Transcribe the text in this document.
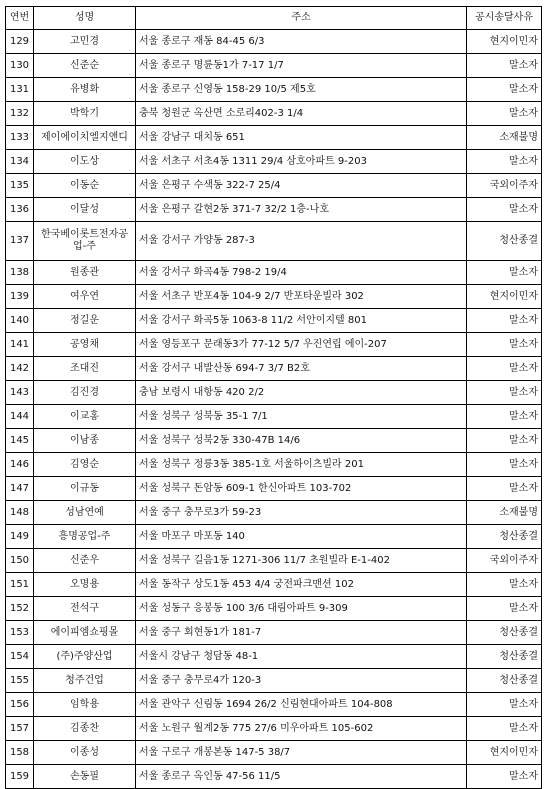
연번	성명	주소	공시송달사유
129	고민경	서울 종로구 재동 84-45 6/3	현지이민자
130	신준순	서울 종로구 명륜동1가 7-17 1/7	말소자
131	유병화	서울 종로구 신영동 158-29 10/5 제5호	말소자
132	박학기	충북 청원군 옥산면 소로리402-3 1/4	말소자
133	제이에이치엘지앤디	서울 강남구 대치동 651	소재불명
134	이도상	서울 서초구 서초4동 1311 29/4 삼호아파트 9-203	말소자
135	이동순	서울 은평구 수색동 322-7 25/4	국외이주자
136	이달성	서울 은평구 갈현2동 371-7 32/2 1층-나호	말소자
137	한국베이롯트전자공업-주	서울 강서구 가양동 287-3	청산종결
138	원종관	서울 강서구 화곡4동 798-2 19/4	말소자
139	여우연	서울 서초구 반포4동 104-9 2/7 반포타운빌라 302	현지이민자
140	정길운	서울 강서구 화곡5동 1063-8 11/2 서안이지텔 801	말소자
141	공영채	서울 영등포구 문래동3가 77-12 5/7 우진연립 에이-207	말소자
142	조대진	서울 강서구 내발산동 694-7 3/7 B2호	말소자
143	김진경	충남 보령시 내항동 420 2/2	말소자
144	이교홍	서울 성북구 성북동 35-1 7/1	말소자
145	이남종	서울 성북구 성북2동 330-47B 14/6	말소자
146	김영순	서울 성북구 정릉3동 385-1호 서울하이츠빌라 201	말소자
147	이규동	서울 성북구 돈암동 609-1 한신아파트 103-702	말소자
148	성남연예	서울 중구 충무로3가 59-23	소재불명
149	흥명공업-주	서울 마포구 마포동 140	청산종결
150	신준우	서울 성북구 길음1동 1271-306 11/7 초원빌라 E-1-402	국외이주자
151	오명용	서울 동작구 상도1동 453 4/4 궁전파크맨션 102	말소자
152	전석구	서울 성동구 응봉동 100 3/6 대림아파트 9-309	말소자
153	에이피엠쇼핑몰	서울 중구 회현동1가 181-7	청산종결
154	(주)주양산업	서울시 강남구 청담동 48-1	청산종결
155	청주건업	서울 중구 충무로4가 120-3	청산종결
156	임학용	서울 관악구 신림동 1694 26/2 신림현대아파트 104-808	말소자
157	김종찬	서울 노원구 월계2동 775 27/6 미우아파트 105-602	말소자
158	이종성	서울 구로구 개봉본동 147-5 38/7	현지이민자
159	손동필	서울 종로구 옥인동 47-56 11/5	말소자
